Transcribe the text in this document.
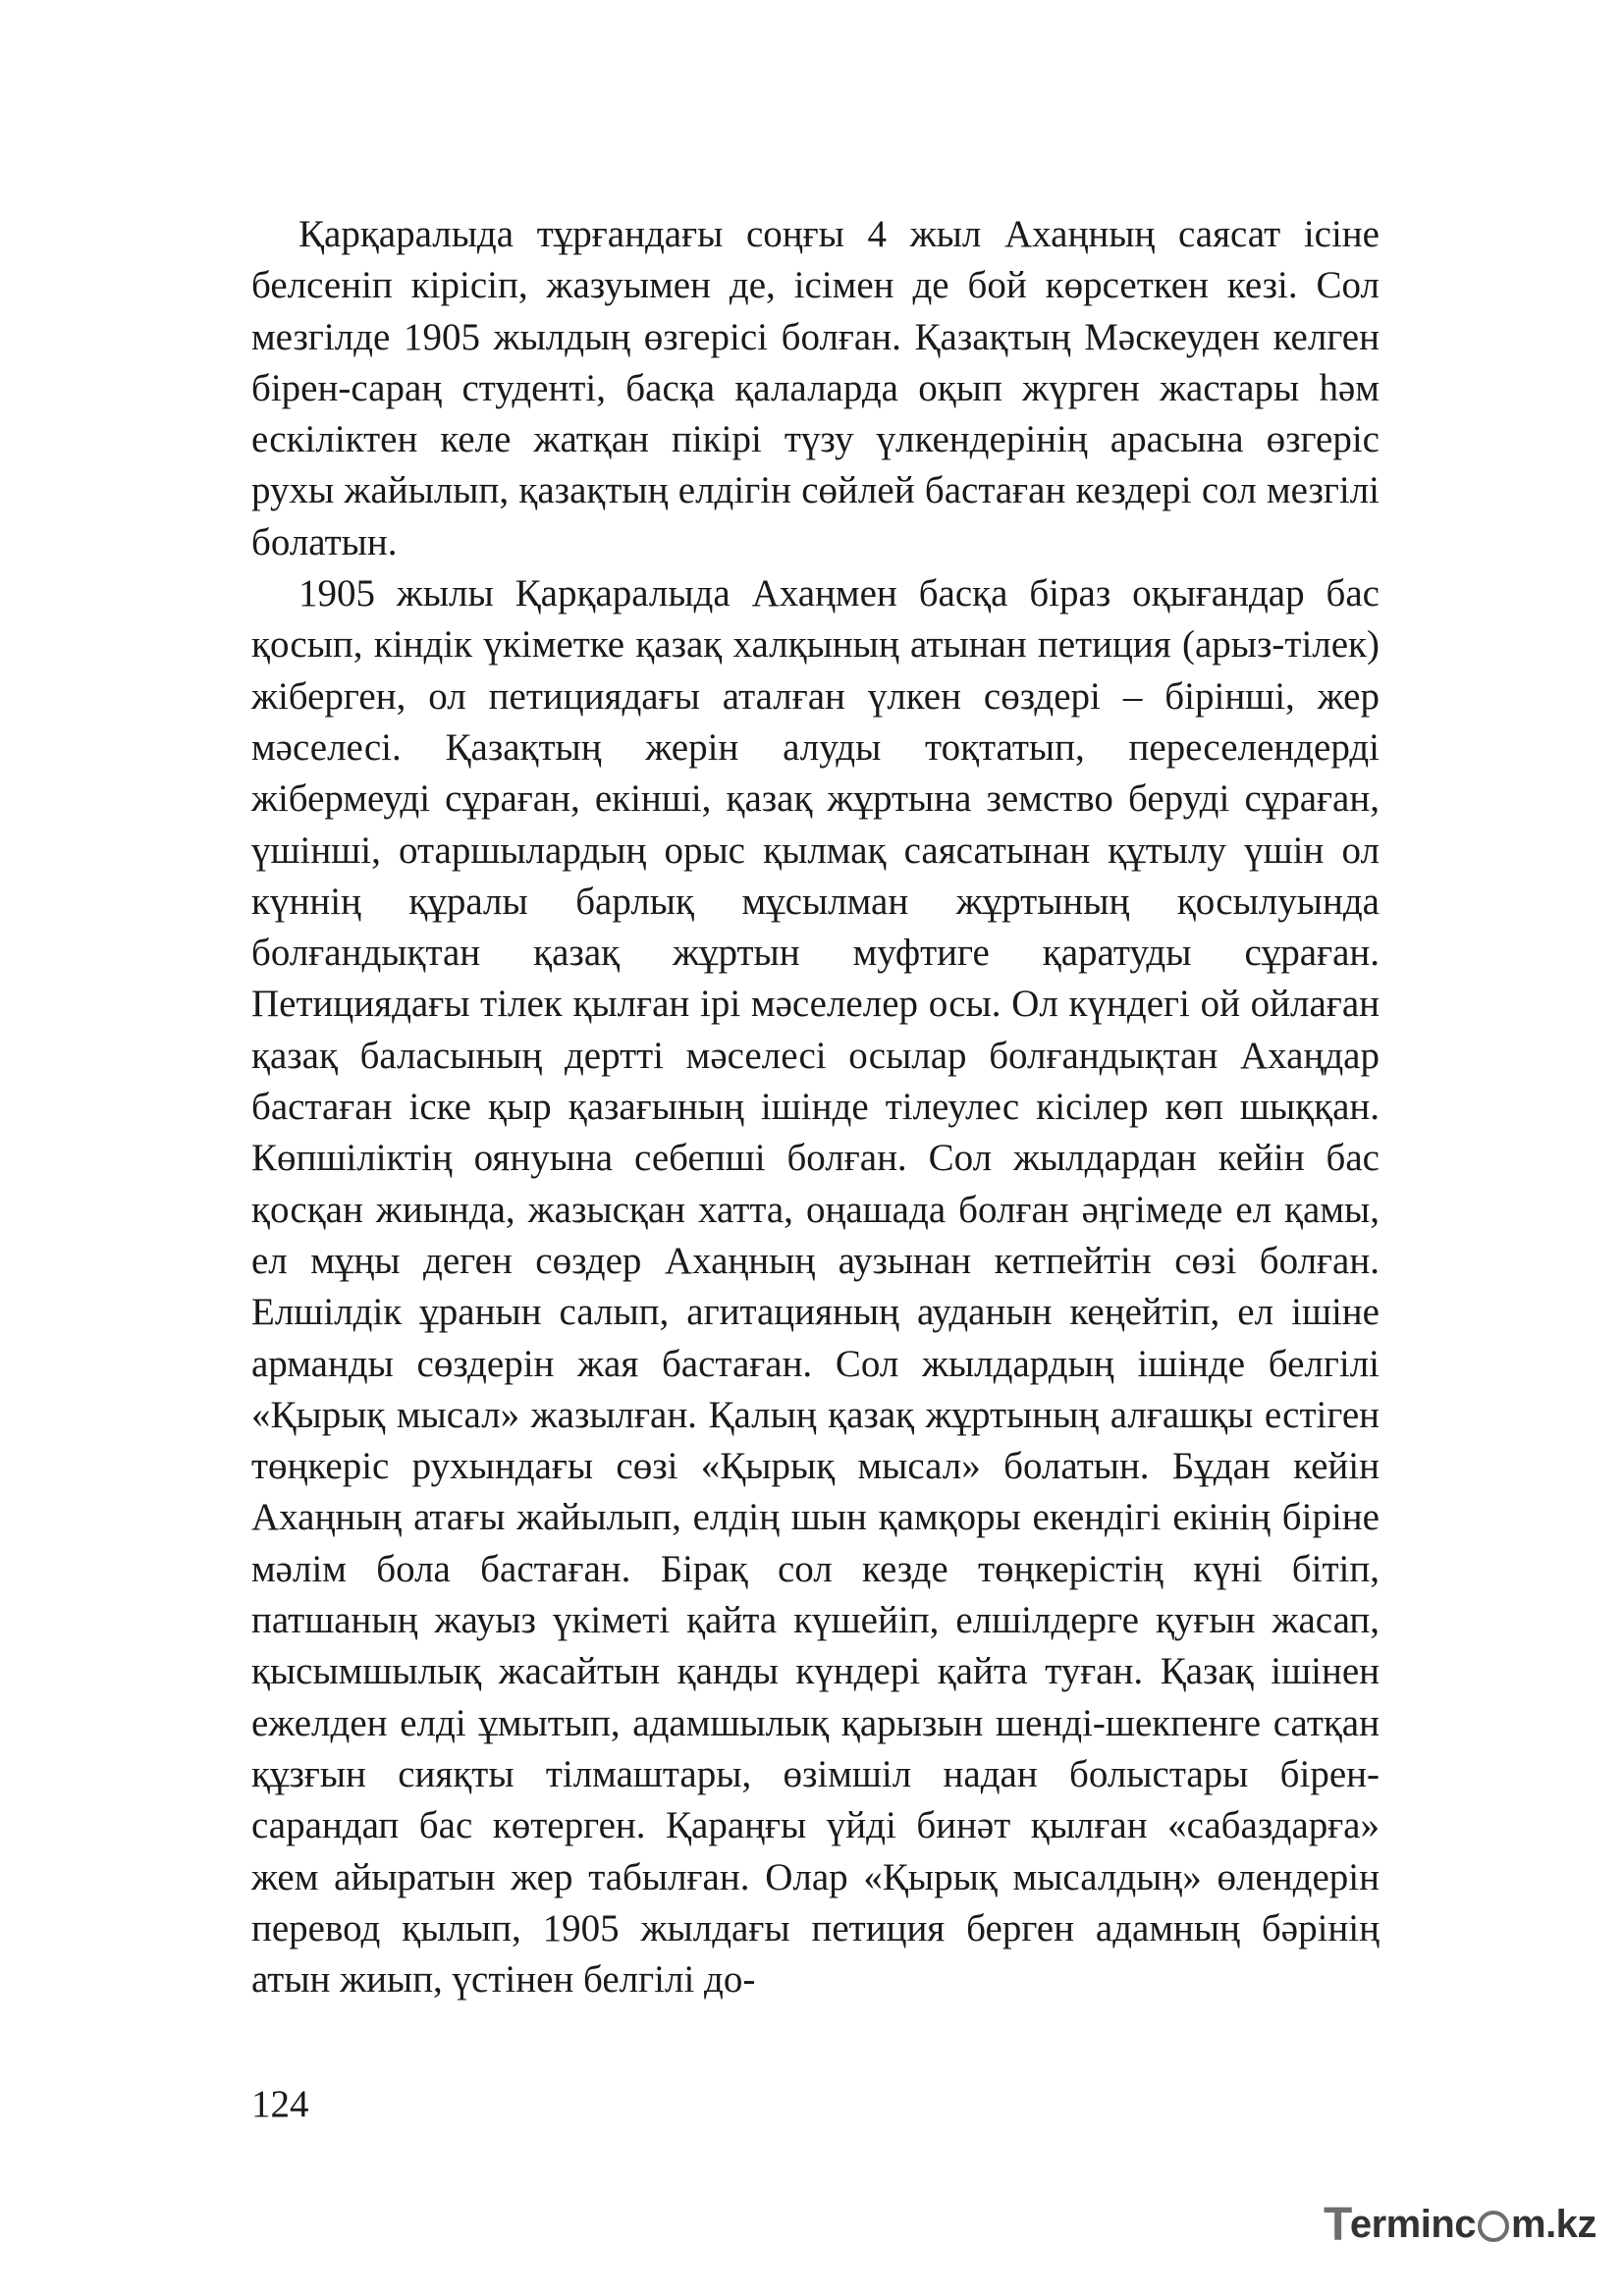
Қарқаралыда тұрғандағы соңғы 4 жыл Ахаңның саясат ісіне белсеніп кірісіп, жазуымен де, ісімен де бой көрсеткен кезі. Сол мезгілде 1905 жылдың өзгерісі болған. Қазақтың Мәскеуден келген бірен-сараң студенті, басқа қалаларда оқып жүрген жастары һәм ескіліктен келе жатқан пікірі түзу үлкендерінің арасына өзгеріс рухы жайылып, қазақтың елдігін сөйлей бастаған кездері сол мезгілі болатын.

1905 жылы Қарқаралыда Ахаңмен басқа біраз оқығандар бас қосып, кіндік үкіметке қазақ халқының атынан петиция (арыз-тілек) жіберген, ол петициядағы аталған үлкен сөздері – бірінші, жер мәселесі. Қазақтың жерін алуды тоқтатып, переселендерді жібермеуді сұраған, екінші, қазақ жұртына земство беруді сұраған, үшінші, отаршылардың орыс қылмақ саясатынан құтылу үшін ол күннің құралы барлық мұсылман жұртының қосылуында болғандықтан қазақ жұртын муфтиге қаратуды сұраған. Петициядағы тілек қылған ірі мәселелер осы. Ол күндегі ой ойлаған қазақ баласының дертті мәселесі осылар болғандықтан Ахаңдар бастаған іске қыр қазағының ішінде тілеулес кісілер көп шыққан. Көпшіліктің оянуына себепші болған. Сол жылдардан кейін бас қосқан жиында, жазысқан хатта, оңашада болған әңгімеде ел қамы, ел мұңы деген сөздер Ахаңның аузынан кетпейтін сөзі болған. Елшілдік ұранын салып, агитацияның ауданын кеңейтіп, ел ішіне арманды сөздерін жая бастаған. Сол жылдардың ішінде белгілі «Қырық мысал» жазылған. Қалың қазақ жұртының алғашқы естіген төңкеріс рухындағы сөзі «Қырық мысал» болатын. Бұдан кейін Ахаңның атағы жайылып, елдің шын қамқоры екендігі екінің біріне мәлім бола бастаған. Бірақ сол кезде төңкерістің күні бітіп, патшаның жауыз үкіметі қайта күшейіп, елшілдерге қуғын жасап, қысымшылық жасайтын қанды күндері қайта туған. Қазақ ішінен ежелден елді ұмытып, адамшылық қарызын шенді-шекпенге сатқан құзғын сияқты тілмаштары, өзімшіл надан болыстары бірен-сарандап бас көтерген. Қараңғы үйді бинәт қылған «сабаздарға» жем айыратын жер табылған. Олар «Қырық мысалдың» өлендерін перевод қылып, 1905 жылдағы петиция берген адамның бәрінің атын жиып, үстінен белгілі до-

124
T
erminc m.kz
